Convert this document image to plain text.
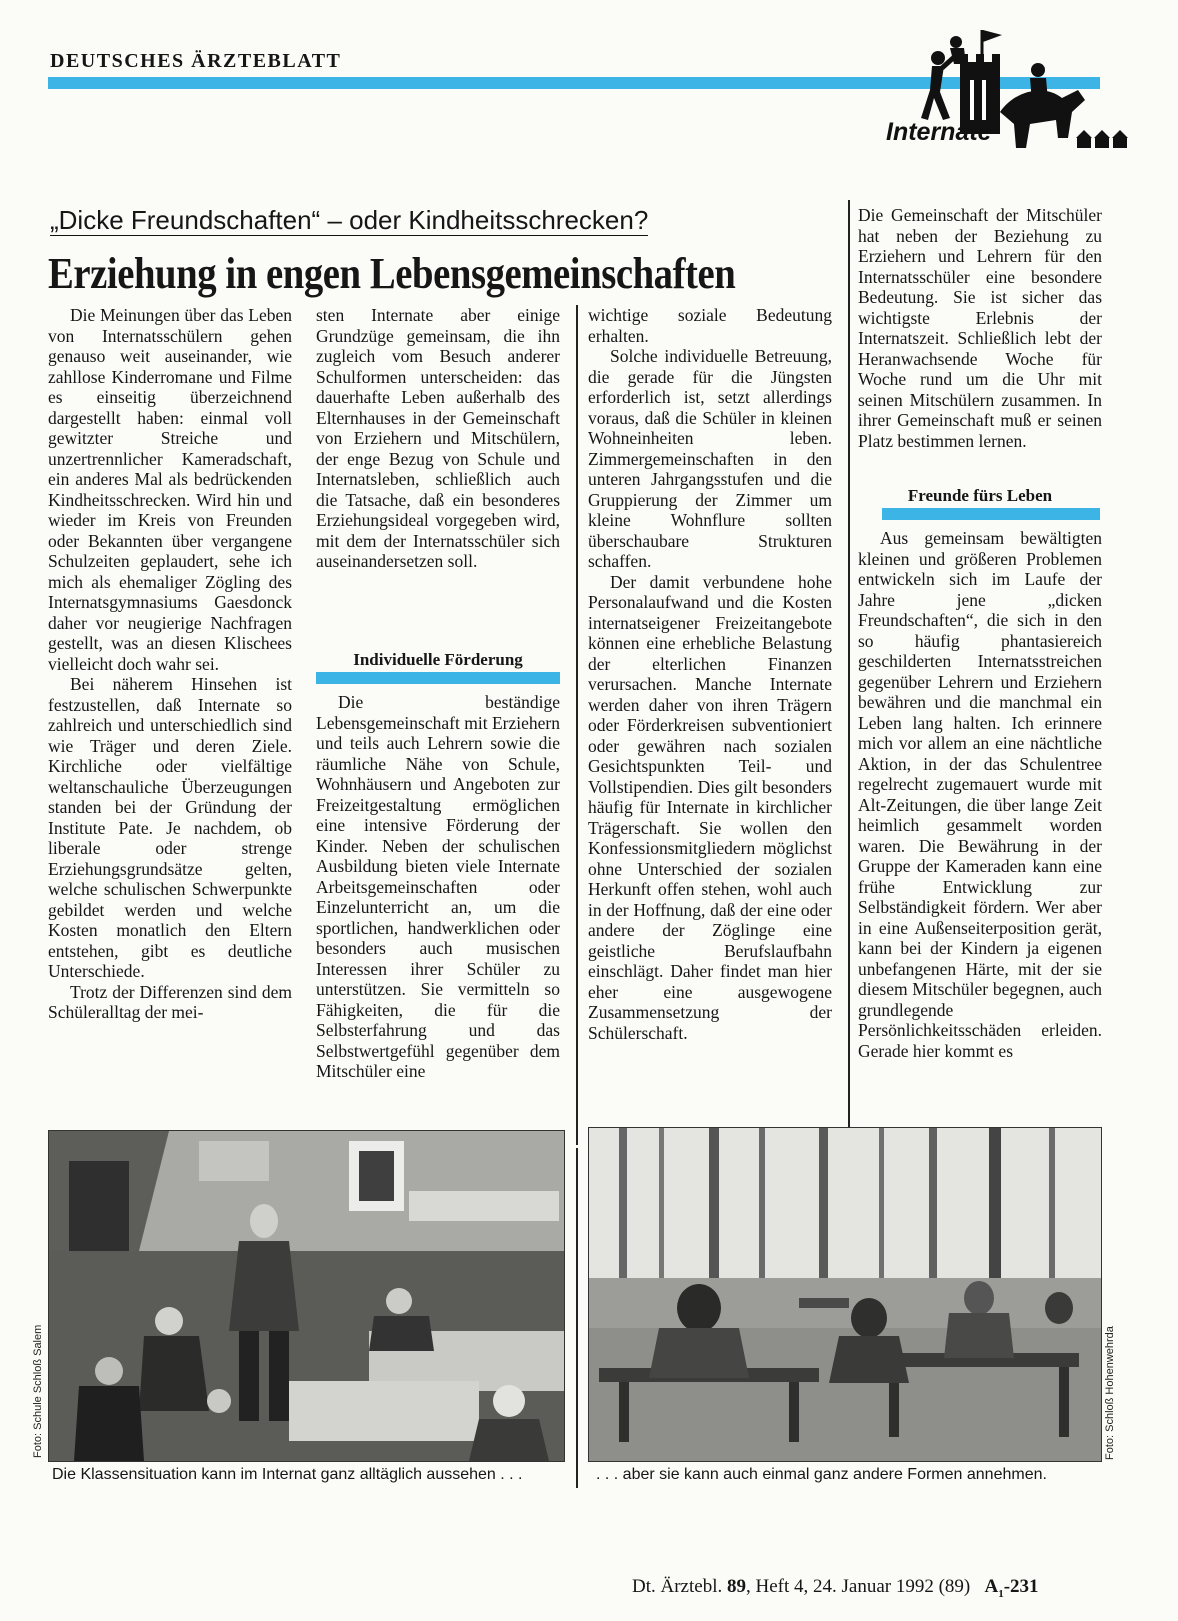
DEUTSCHES ÄRZTEBLATT
Internate
„Dicke Freundschaften“ – oder Kindheitsschrecken?
Erziehung in engen Lebensgemeinschaften

Die Meinungen über das Leben von Internatsschülern gehen genauso weit auseinander, wie zahllose Kinderromane und Filme es einseitig überzeichnend dargestellt haben: einmal voll gewitzter Streiche und unzertrennlicher Kameradschaft, ein anderes Mal als bedrückenden Kindheitsschrecken. Wird hin und wieder im Kreis von Freunden oder Bekannten über vergangene Schulzeiten geplaudert, sehe ich mich als ehemaliger Zögling des Internatsgymnasiums Gaesdonck daher vor neugierige Nachfragen gestellt, was an diesen Klischees vielleicht doch wahr sei.

Bei näherem Hinsehen ist festzustellen, daß Internate so zahlreich und unterschiedlich sind wie Träger und deren Ziele. Kirchliche oder vielfältige weltanschauliche Überzeugungen standen bei der Gründung der Institute Pate. Je nachdem, ob liberale oder strenge Erziehungsgrundsätze gelten, welche schulischen Schwerpunkte gebildet werden und welche Kosten monatlich den Eltern entstehen, gibt es deutliche Unterschiede.

Trotz der Differenzen sind dem Schüleralltag der mei-

sten Internate aber einige Grundzüge gemeinsam, die ihn zugleich vom Besuch anderer Schulformen unterscheiden: das dauerhafte Leben außerhalb des Elternhauses in der Gemeinschaft von Erziehern und Mitschülern, der enge Bezug von Schule und Internatsleben, schließlich auch die Tatsache, daß ein besonderes Erziehungsideal vorgegeben wird, mit dem der Internatsschüler sich auseinandersetzen soll.

Individuelle Förderung

Die beständige Lebensgemeinschaft mit Erziehern und teils auch Lehrern sowie die räumliche Nähe von Schule, Wohnhäusern und Angeboten zur Freizeitgestaltung ermöglichen eine intensive Förderung der Kinder. Neben der schulischen Ausbildung bieten viele Internate Arbeitsgemeinschaften oder Einzelunterricht an, um die sportlichen, handwerklichen oder besonders auch musischen Interessen ihrer Schüler zu unterstützen. Sie vermitteln so Fähigkeiten, die für die Selbsterfahrung und das Selbstwertgefühl gegenüber dem Mitschüler eine

wichtige soziale Bedeutung erhalten.

Solche individuelle Betreuung, die gerade für die Jüngsten erforderlich ist, setzt allerdings voraus, daß die Schüler in kleinen Wohneinheiten leben. Zimmergemeinschaften in den unteren Jahrgangsstufen und die Gruppierung der Zimmer um kleine Wohnflure sollten überschaubare Strukturen schaffen.

Der damit verbundene hohe Personalaufwand und die Kosten internatseigener Freizeitangebote können eine erhebliche Belastung der elterlichen Finanzen verursachen. Manche Internate werden daher von ihren Trägern oder Förderkreisen subventioniert oder gewähren nach sozialen Gesichtspunkten Teil- und Vollstipendien. Dies gilt besonders häufig für Internate in kirchlicher Trägerschaft. Sie wollen den Konfessionsmitgliedern möglichst ohne Unterschied der sozialen Herkunft offen stehen, wohl auch in der Hoffnung, daß der eine oder andere der Zöglinge eine geistliche Berufslaufbahn einschlägt. Daher findet man hier eher eine ausgewogene Zusammensetzung der Schülerschaft.

Die Gemeinschaft der Mitschüler hat neben der Beziehung zu Erziehern und Lehrern für den Internatsschüler eine besondere Bedeutung. Sie ist sicher das wichtigste Erlebnis der Internatszeit. Schließlich lebt der Heranwachsende Woche für Woche rund um die Uhr mit seinen Mitschülern zusammen. In ihrer Gemeinschaft muß er seinen Platz bestimmen lernen.

Freunde fürs Leben

Aus gemeinsam bewältigten kleinen und größeren Problemen entwickeln sich im Laufe der Jahre jene „dicken Freundschaften“, die sich in den so häufig phantasiereich geschilderten Internatsstreichen gegenüber Lehrern und Erziehern bewähren und die manchmal ein Leben lang halten. Ich erinnere mich vor allem an eine nächtliche Aktion, in der das Schulentree regelrecht zugemauert wurde mit Alt-Zeitungen, die über lange Zeit heimlich gesammelt worden waren. Die Bewährung in der Gruppe der Kameraden kann eine frühe Entwicklung zur Selbständigkeit fördern. Wer aber in eine Außenseiterposition gerät, kann bei der Kindern ja eigenen unbefangenen Härte, mit der sie diesem Mitschüler begegnen, auch grundlegende Persönlichkeitsschäden erleiden. Gerade hier kommt es

Foto: Schule Schloß Salem
Die Klassensituation kann im Internat ganz alltäglich aussehen . . .
Foto: Schloß Hohenwehrda
. . . aber sie kann auch einmal ganz andere Formen annehmen.
Dt. Ärztebl. 89, Heft 4, 24. Januar 1992 (89) $A_1-231$
